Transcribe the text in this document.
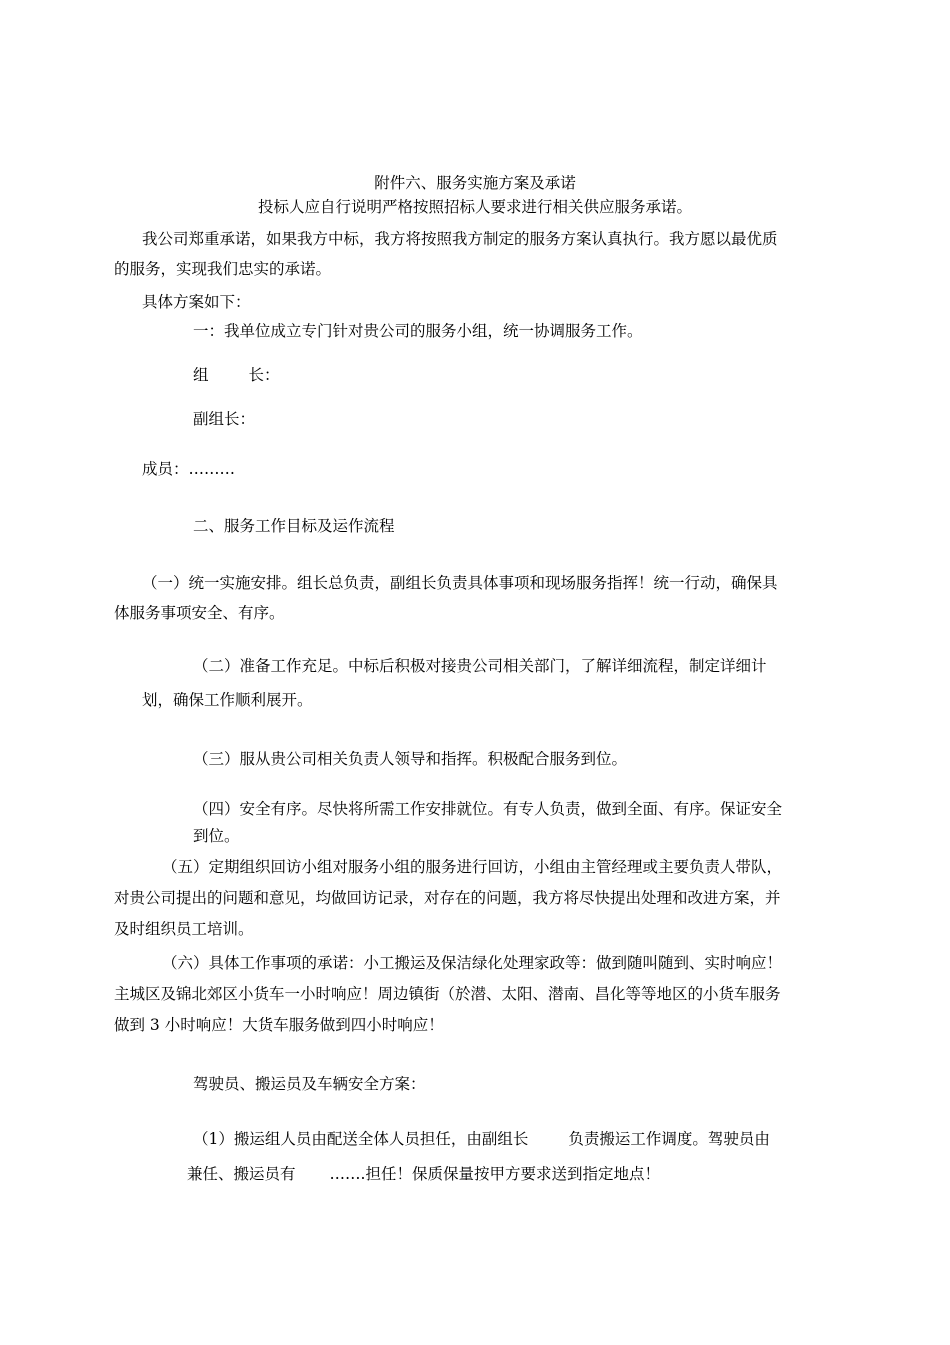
附件六、服务实施方案及承诺
投标人应自行说明严格按照招标人要求进行相关供应服务承诺。
我公司郑重承诺，如果我方中标，我方将按照我方制定的服务方案认真执行。我方愿以最优质
的服务，实现我们忠实的承诺。
具体方案如下：
一：我单位成立专门针对贵公司的服务小组，统一协调服务工作。
组	长：
副组长：
成员：………
二、服务工作目标及运作流程
（一）统一实施安排。组长总负责，副组长负责具体事项和现场服务指挥！统一行动，确保具
体服务事项安全、有序。
（二）准备工作充足。中标后积极对接贵公司相关部门，了解详细流程，制定详细计
划，确保工作顺利展开。
（三）服从贵公司相关负责人领导和指挥。积极配合服务到位。
（四）安全有序。尽快将所需工作安排就位。有专人负责，做到全面、有序。保证安全
到位。
（五）定期组织回访小组对服务小组的服务进行回访，小组由主管经理或主要负责人带队，
对贵公司提出的问题和意见，均做回访记录，对存在的问题，我方将尽快提出处理和改进方案，并
及时组织员工培训。
（六）具体工作事项的承诺：小工搬运及保洁绿化处理家政等：做到随叫随到、实时响应！
主城区及锦北郊区小货车一小时响应！周边镇街（於潜、太阳、潜南、昌化等等地区的小货车服务
做到 3 小时响应！大货车服务做到四小时响应！
驾驶员、搬运员及车辆安全方案：
（1）搬运组人员由配送全体人员担任，由副组长	负责搬运工作调度。驾驶员由
兼任、搬运员有 …….担任！保质保量按甲方要求送到指定地点！
